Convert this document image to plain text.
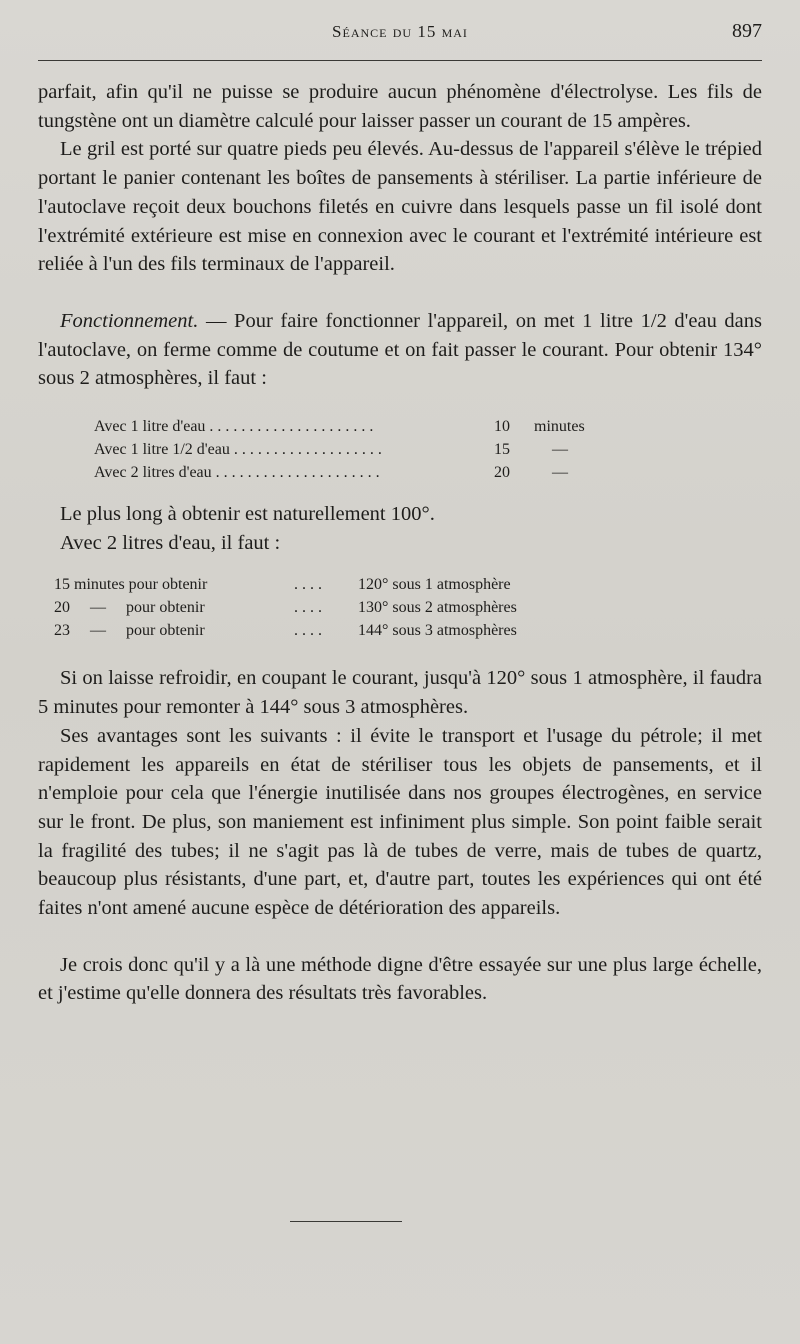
Séance du 15 mai	897

parfait, afin qu'il ne puisse se produire aucun phénomène d'électrolyse. Les fils de tungstène ont un diamètre calculé pour laisser passer un courant de 15 ampères.

Le gril est porté sur quatre pieds peu élevés. Au-dessus de l'appareil s'élève le trépied portant le panier contenant les boîtes de pansements à stériliser. La partie inférieure de l'autoclave reçoit deux bouchons filetés en cuivre dans lesquels passe un fil isolé dont l'extrémité extérieure est mise en connexion avec le courant et l'extrémité intérieure est reliée à l'un des fils terminaux de l'appareil.

Fonctionnement. — Pour faire fonctionner l'appareil, on met 1 litre 1/2 d'eau dans l'autoclave, on ferme comme de coutume et on fait passer le courant. Pour obtenir 134° sous 2 atmosphères, il faut :

Avec 1 litre d'eau . . . . . . . . . . . . . . . . . . . . .	10	minutes
Avec 1 litre 1/2 d'eau . . . . . . . . . . . . . . . . . . .	15	—
Avec 2 litres d'eau . . . . . . . . . . . . . . . . . . . . .	20	—

Le plus long à obtenir est naturellement 100°.

Avec 2 litres d'eau, il faut :

15 minutes pour obtenir	. . . .	120° sous 1 atmosphère
20     —     pour obtenir	. . . .	130° sous 2 atmosphères
23     —     pour obtenir	. . . .	144° sous 3 atmosphères

Si on laisse refroidir, en coupant le courant, jusqu'à 120° sous 1 atmosphère, il faudra 5 minutes pour remonter à 144° sous 3 atmosphères.

Ses avantages sont les suivants : il évite le transport et l'usage du pétrole; il met rapidement les appareils en état de stériliser tous les objets de pansements, et il n'emploie pour cela que l'énergie inutilisée dans nos groupes électrogènes, en service sur le front. De plus, son maniement est infiniment plus simple. Son point faible serait la fragilité des tubes; il ne s'agit pas là de tubes de verre, mais de tubes de quartz, beaucoup plus résistants, d'une part, et, d'autre part, toutes les expériences qui ont été faites n'ont amené aucune espèce de détérioration des appareils.

Je crois donc qu'il y a là une méthode digne d'être essayée sur une plus large échelle, et j'estime qu'elle donnera des résultats très favorables.
